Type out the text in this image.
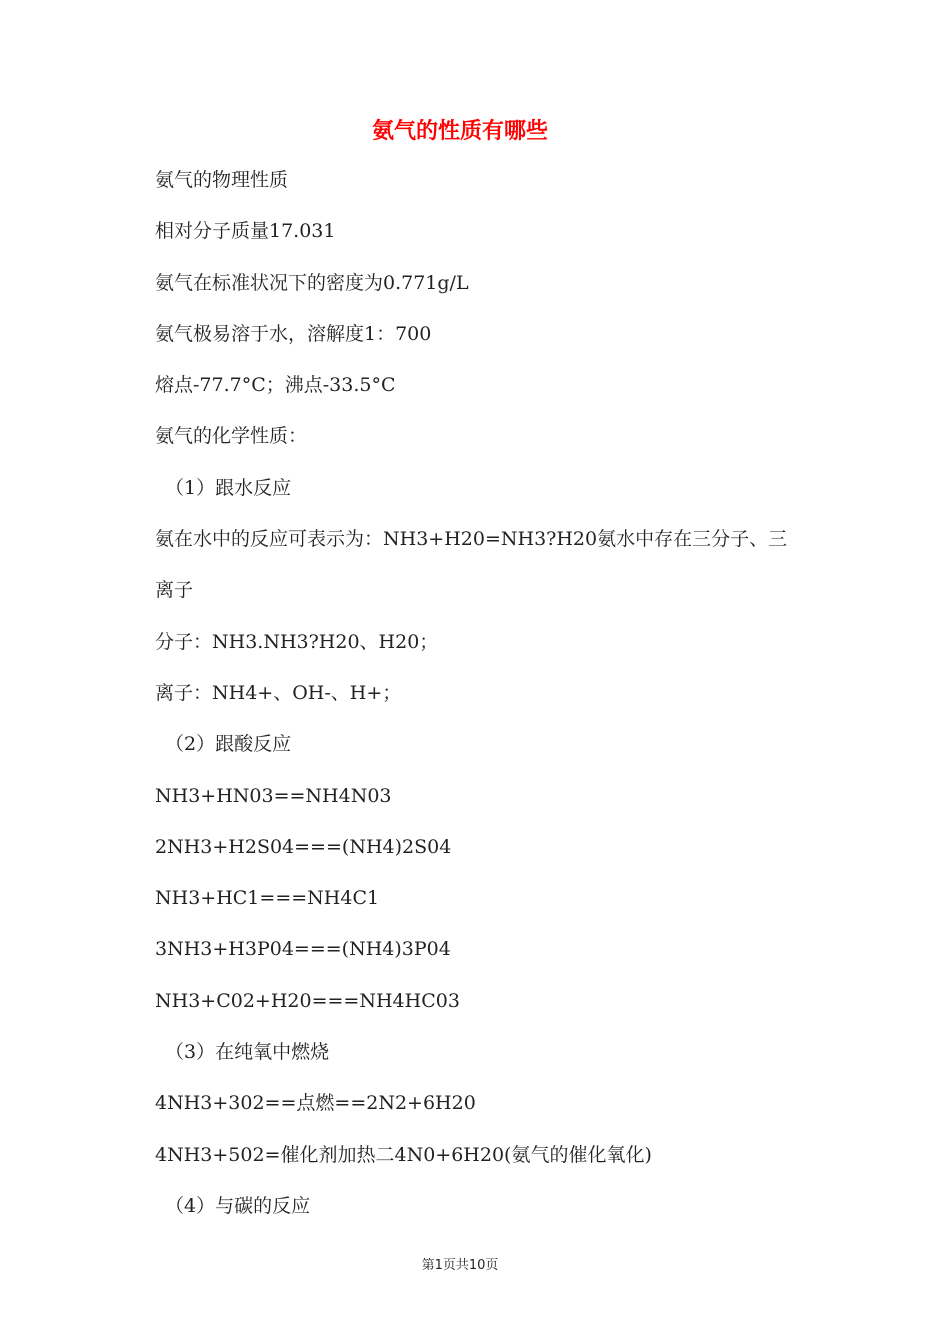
氨气的性质有哪些
氨气的物理性质
相对分子质量17.031
氨气在标准状况下的密度为0.771g/L
氨气极易溶于水，溶解度1：700
熔点-77.7°C；沸点-33.5°C
氨气的化学性质：
（1）跟水反应
氨在水中的反应可表示为：NH3+H20=NH3?H20氨水中存在三分子、三
离子
分子：NH3.NH3?H20、H20；
离子：NH4+、OH-、H+；
（2）跟酸反应
NH3+HN03==NH4N03
2NH3+H2S04===(NH4)2S04
NH3+HC1===NH4C1
3NH3+H3P04===(NH4)3P04
NH3+C02+H20===NH4HC03
（3）在纯氧中燃烧
4NH3+302==点燃==2N2+6H20
4NH3+502=催化剂加热二4N0+6H20(氨气的催化氧化)
（4）与碳的反应
第1页共10页
